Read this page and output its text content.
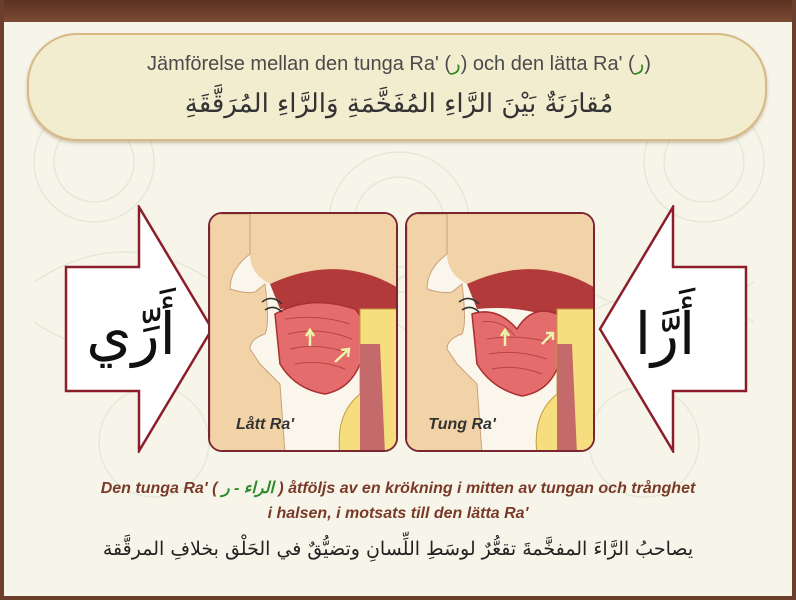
Jämförelse mellan den tunga Ra' (ر) och den lätta Ra' (ر)
مُقارَنَةٌ بَيْنَ الرَّاءِ المُفَخَّمَةِ وَالرَّاءِ المُرَقَّقَةِ
أَرِّي	أَرَّا
Lått Ra'	Tung Ra'
Den tunga Ra' ( الراء - ر ) åtföljs av en krökning i mitten av tungan och trånghet
i halsen, i motsats till den lätta Ra'
يصاحبُ الرَّاءَ المفخَّمةَ تقعُّرٌ لوسَطِ اللِّسانِ وتضيُّقٌ في الحَلْق بخلافِ المرقَّقة
